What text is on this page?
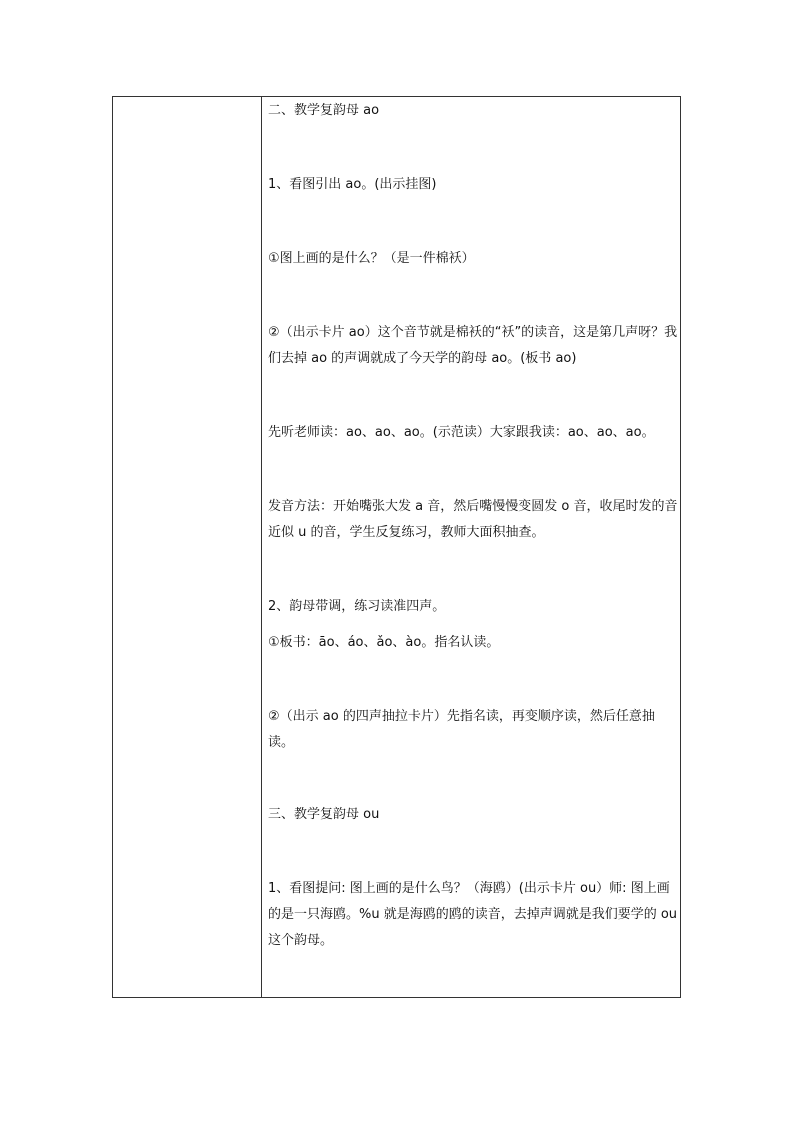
二、教学复韵母 ao

1、看图引出 ao。(出示挂图)

①图上画的是什么？（是一件棉袄）

②（出示卡片 ao）这个音节就是棉袄的“袄”的读音，这是第几声呀？我们去掉 ao 的声调就成了今天学的韵母 ao。(板书 ao)

先听老师读：ao、ao、ao。(示范读）大家跟我读：ao、ao、ao。

发音方法：开始嘴张大发 a 音，然后嘴慢慢变圆发 o 音，收尾时发的音近似 u 的音，学生反复练习，教师大面积抽查。

2、韵母带调，练习读准四声。

①板书：āo、áo、ǎo、ào。指名认读。

②（出示 ao 的四声抽拉卡片）先指名读，再变顺序读，然后任意抽读。

三、教学复韵母 ou

1、看图提问: 图上画的是什么鸟？（海鸥）(出示卡片 ou）师: 图上画的是一只海鸥。%u 就是海鸥的鸥的读音，去掉声调就是我们要学的 ou 这个韵母。
